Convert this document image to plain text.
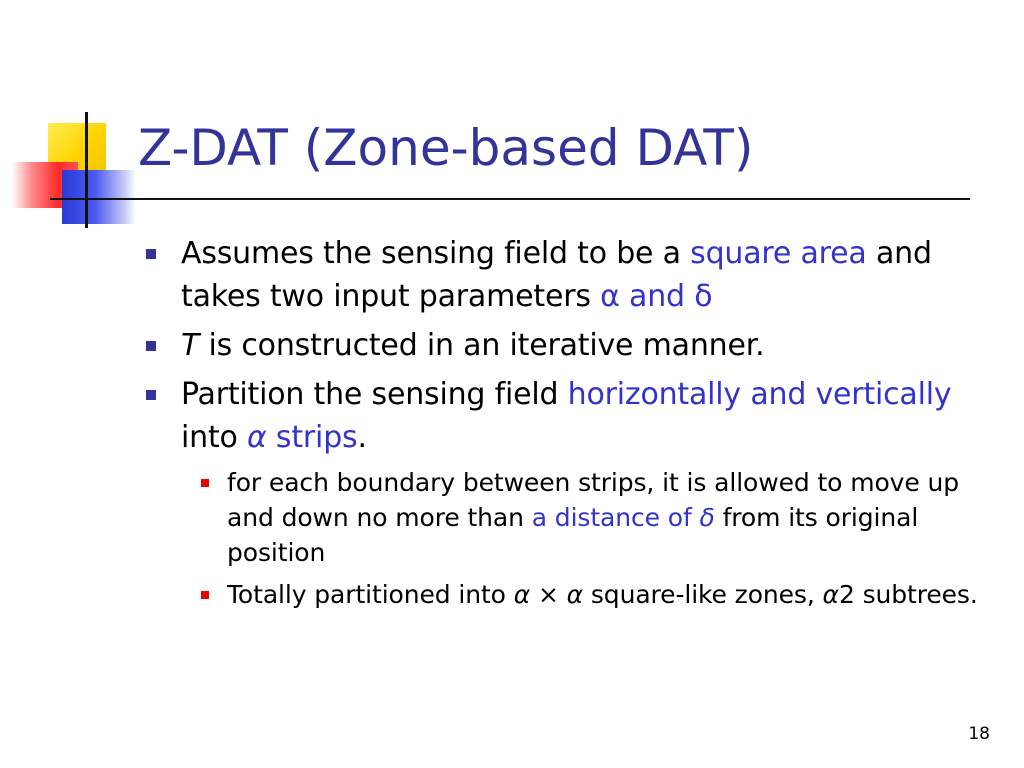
Z-DAT (Zone-based DAT)
Assumes the sensing field to be a square area and takes two input parameters α and δ
T is constructed in an iterative manner.
Partition the sensing field horizontally and vertically into α strips.
for each boundary between strips, it is allowed to move up and down no more than a distance of δ from its original position
Totally partitioned into α × α square-like zones, α2 subtrees.
18
